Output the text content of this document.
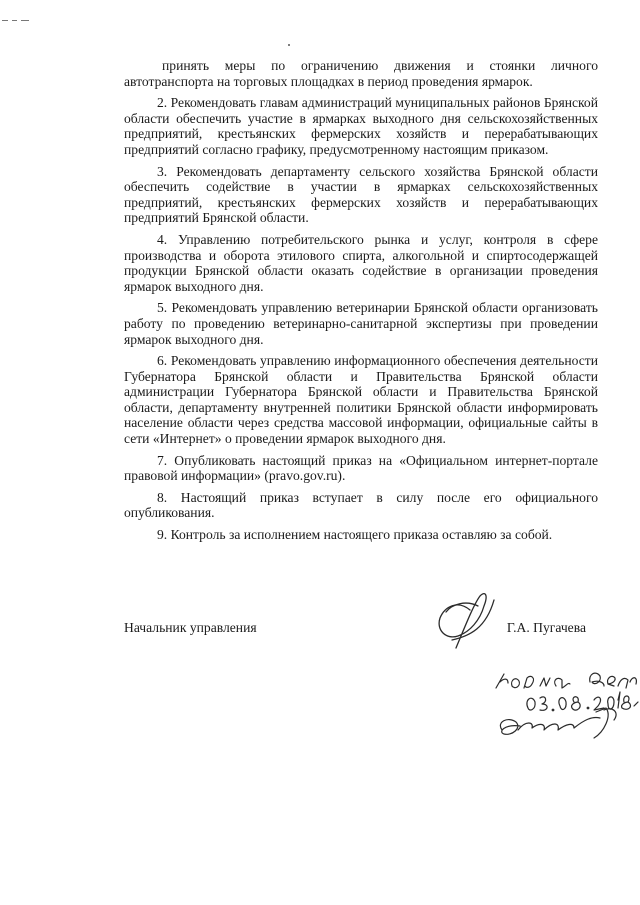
принять меры по ограничению движения и стоянки личного автотранспорта на торговых площадках в период проведения ярмарок.

2. Рекомендовать главам администраций муниципальных районов Брянской области обеспечить участие в ярмарках выходного дня сельскохозяйственных предприятий, крестьянских фермерских хозяйств и перерабатывающих предприятий согласно графику, предусмотренному настоящим приказом.

3. Рекомендовать департаменту сельского хозяйства Брянской области обеспечить содействие в участии в ярмарках сельскохозяйственных предприятий, крестьянских фермерских хозяйств и перерабатывающих предприятий Брянской области.

4. Управлению потребительского рынка и услуг, контроля в сфере производства и оборота этилового спирта, алкогольной и спиртосодержащей продукции Брянской области оказать содействие в организации проведения ярмарок выходного дня.

5. Рекомендовать управлению ветеринарии Брянской области организовать работу по проведению ветеринарно-санитарной экспертизы при проведении ярмарок выходного дня.

6. Рекомендовать управлению информационного обеспечения деятельности Губернатора Брянской области и Правительства Брянской области администрации Губернатора Брянской области и Правительства Брянской области, департаменту внутренней политики Брянской области информировать население области через средства массовой информации, официальные сайты в сети «Интернет» о проведении ярмарок выходного дня.

7. Опубликовать настоящий приказ на «Официальном интернет-портале правовой информации» (pravo.gov.ru).

8. Настоящий приказ вступает в силу после его официального опубликования.

9. Контроль за исполнением настоящего приказа оставляю за собой.

Начальник управления	Г.А. Пугачева
